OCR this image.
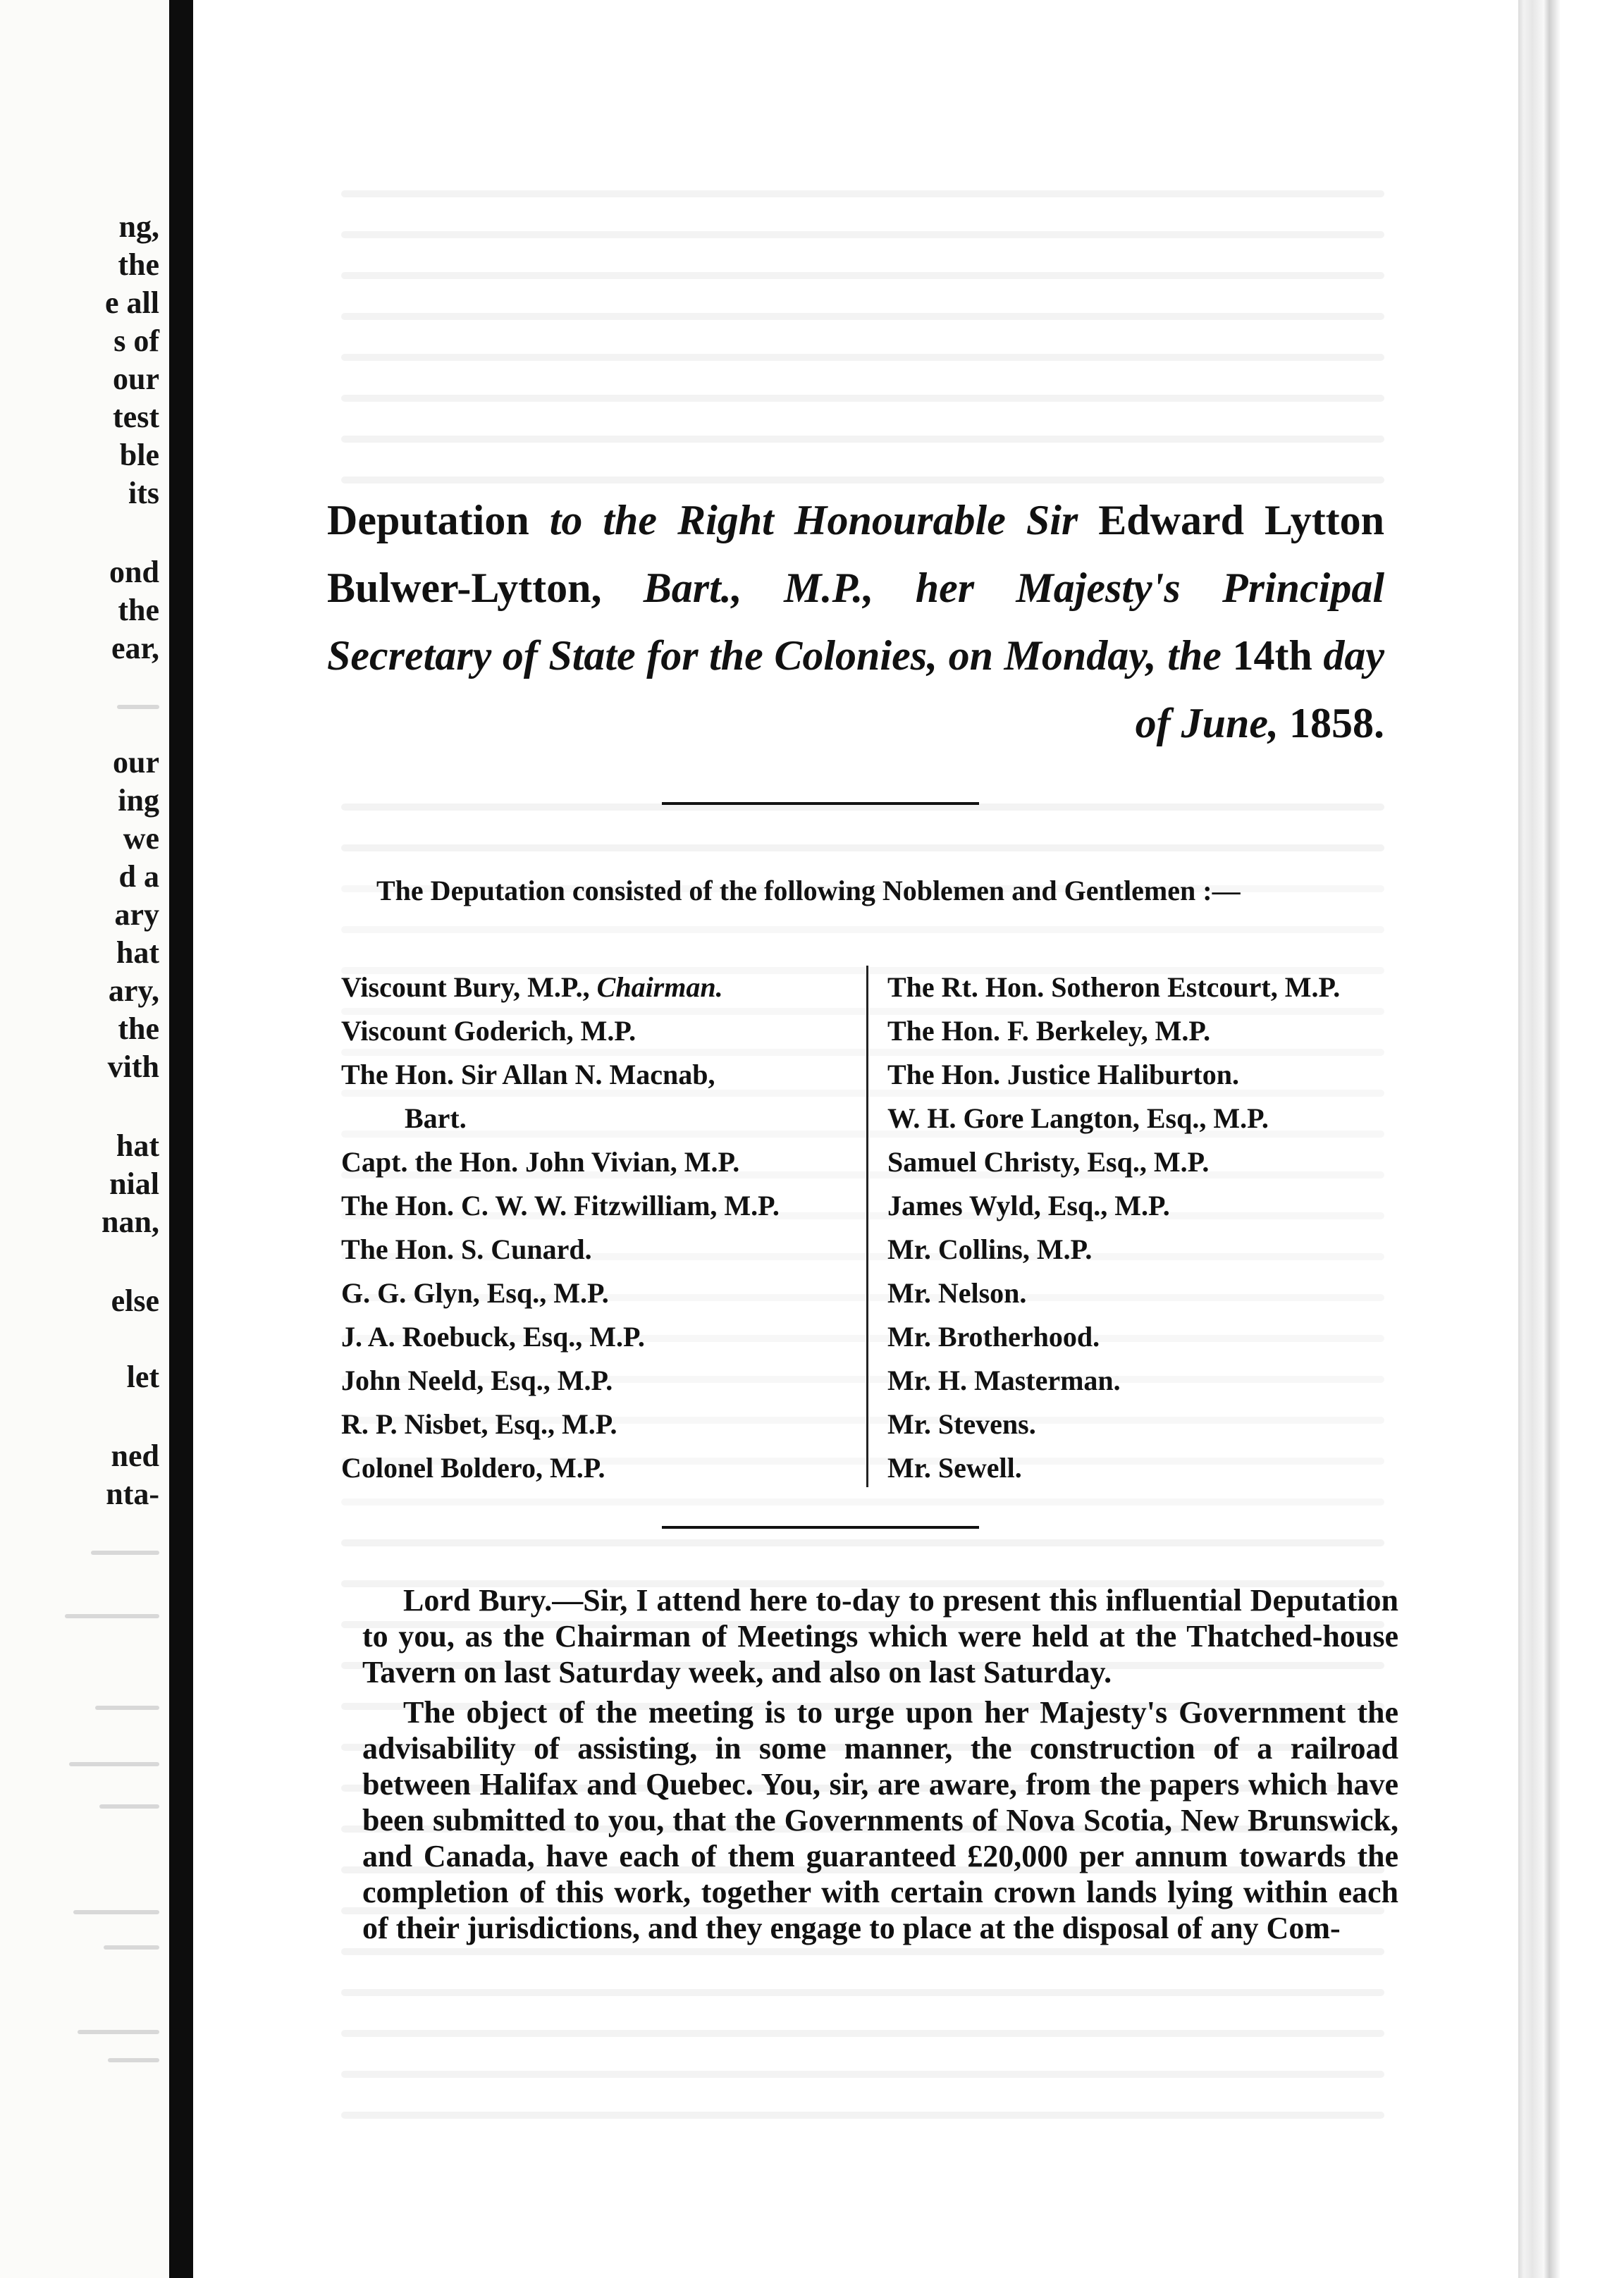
ng,
the
e all
s of
our
test
ble
its
ond
the
ear,
our
ing
we
d a
ary
hat
ary,
the
vith
hat
nial
nan,
else
let
ned
nta-
Deputation to the Right Honourable Sir Edward Lytton Bulwer-Lytton, Bart., M.P., her Majesty's Principal Secretary of State for the Colonies, on Monday, the 14th day of June, 1858.
The Deputation consisted of the following Noblemen and Gentlemen :—
Viscount Bury, M.P., Chairman.
Viscount Goderich, M.P.
The Hon. Sir Allan N. Macnab,
Bart.
Capt. the Hon. John Vivian, M.P.
The Hon. C. W. W. Fitzwilliam, M.P.
The Hon. S. Cunard.
G. G. Glyn, Esq., M.P.
J. A. Roebuck, Esq., M.P.
John Neeld, Esq., M.P.
R. P. Nisbet, Esq., M.P.
Colonel Boldero, M.P.
The Rt. Hon. Sotheron Estcourt, M.P.
The Hon. F. Berkeley, M.P.
The Hon. Justice Haliburton.
W. H. Gore Langton, Esq., M.P.
Samuel Christy, Esq., M.P.
James Wyld, Esq., M.P.
Mr. Collins, M.P.
Mr. Nelson.
Mr. Brotherhood.
Mr. H. Masterman.
Mr. Stevens.
Mr. Sewell.

Lord Bury.—Sir, I attend here to-day to present this influential Deputation to you, as the Chairman of Meetings which were held at the Thatched-house Tavern on last Saturday week, and also on last Saturday.

The object of the meeting is to urge upon her Majesty's Government the advisability of assisting, in some manner, the construction of a railroad between Halifax and Quebec. You, sir, are aware, from the papers which have been submitted to you, that the Governments of Nova Scotia, New Brunswick, and Canada, have each of them guaranteed £20,000 per annum towards the completion of this work, together with certain crown lands lying within each of their jurisdictions, and they engage to place at the disposal of any Com-
